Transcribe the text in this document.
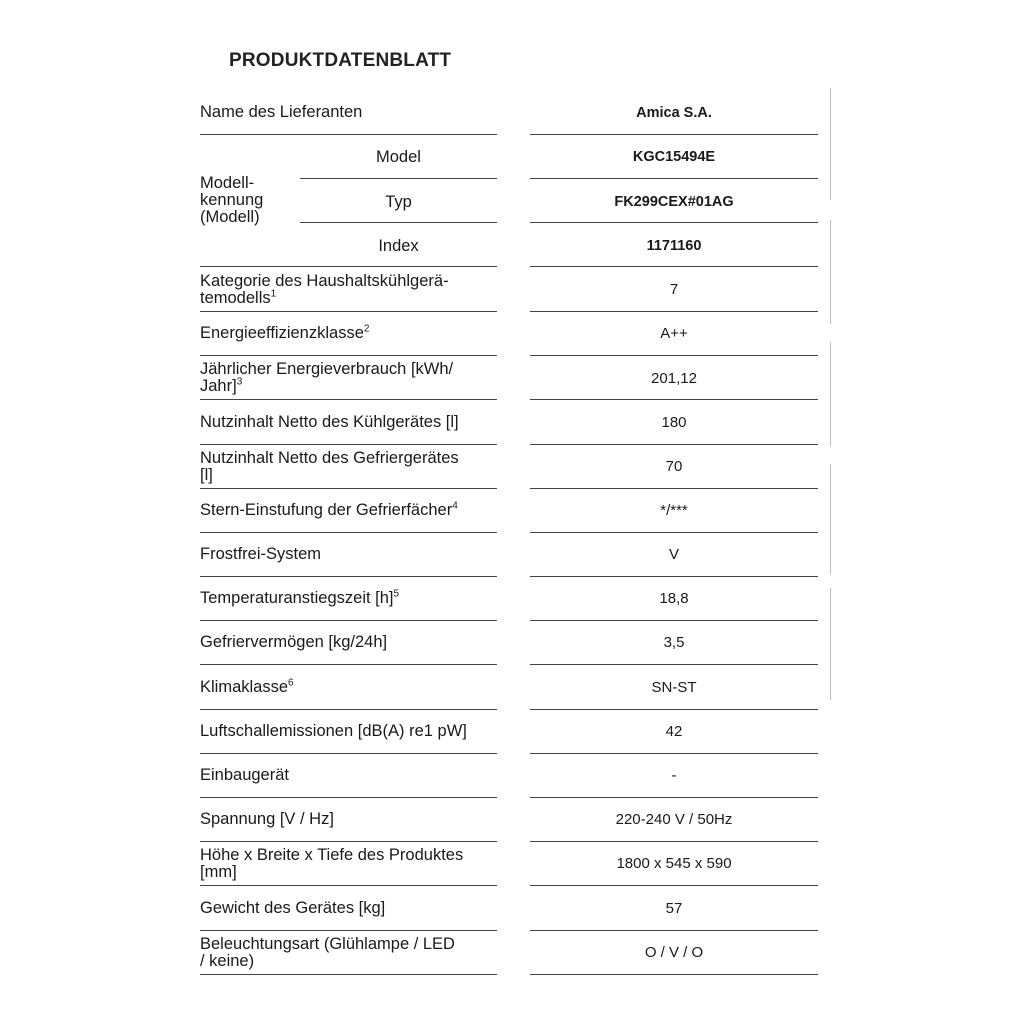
PRODUKTDATENBLATT
Name des Lieferanten	Amica S.A.
Modell-
kennung
(Modell)
Model	KGC15494E
Typ	FK299CEX#01AG
Index	1171160
Kategorie des Haushaltskühlgerä-
temodells$^1$	7
Energieeffizienzklasse$^2$	A++
Jährlicher Energieverbrauch [kWh/
Jahr]$^3$	201,12
Nutzinhalt Netto des Kühlgerätes [l]	180
Nutzinhalt Netto des Gefriergerätes
[l]	70
Stern-Einstufung der Gefrierfächer$^4$	*/***
Frostfrei-System	V
Temperaturanstiegszeit $[h]^5$	18,8
Gefriervermögen [kg/24h]	3,5
Klimaklasse$^6$	SN-ST
Luftschallemissionen [dB(A) re1 pW]	42
Einbaugerät	-
Spannung [V / Hz]	220-240 V / 50Hz
Höhe x Breite x Tiefe des Produktes
[mm]	1800 x 545 x 590
Gewicht des Gerätes [kg]	57
Beleuchtungsart (Glühlampe / LED
/ keine)	O / V / O
